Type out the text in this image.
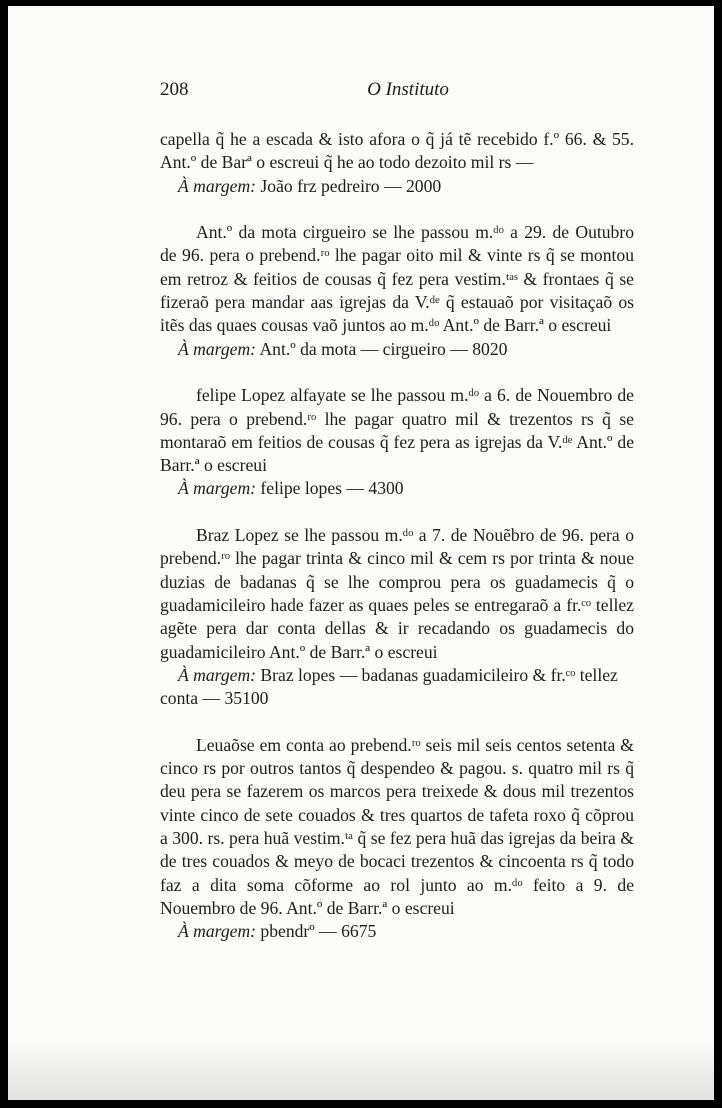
208	O Instituto

capella q̃ he a escada & isto afora o q̃ já tẽ recebido f.º 66. & 55. Ant.º de Barª o escreui q̃ he ao todo dezoito mil rs —

À margem: João frz pedreiro — 2000

Ant.º da mota cirgueiro se lhe passou m.ᵈᵒ a 29. de Outubro de 96. pera o prebend.ʳᵒ lhe pagar oito mil & vinte rs q̃ se montou em retroz & feitios de cousas q̃ fez pera vestim.ᵗᵃˢ & frontaes q̃ se fizeraõ pera mandar aas igrejas da V.ᵈᵉ q̃ estauaõ por visitaçaõ os itẽs das quaes cousas vaõ juntos ao m.ᵈᵒ Ant.º de Barr.ª o escreui

À margem: Ant.º da mota — cirgueiro — 8020

felipe Lopez alfayate se lhe passou m.ᵈᵒ a 6. de Nouembro de 96. pera o prebend.ʳᵒ lhe pagar quatro mil & trezentos rs q̃ se montaraõ em feitios de cousas q̃ fez pera as igrejas da V.ᵈᵉ Ant.º de Barr.ª o escreui

À margem: felipe lopes — 4300

Braz Lopez se lhe passou m.ᵈᵒ a 7. de Nouẽbro de 96. pera o prebend.ʳᵒ lhe pagar trinta & cinco mil & cem rs por trinta & noue duzias de badanas q̃ se lhe comprou pera os guadamecis q̃ o guadamicileiro hade fazer as quaes peles se entregaraõ a fr.ᶜᵒ tellez agẽte pera dar conta dellas & ir recadando os guadamecis do guadamicileiro Ant.º de Barr.ª o escreui

À margem: Braz lopes — badanas guadamicileiro & fr.ᶜᵒ tellez conta — 35100

Leuaõse em conta ao prebend.ʳᵒ seis mil seis centos setenta & cinco rs por outros tantos q̃ despendeo & pagou. s. quatro mil rs q̃ deu pera se fazerem os marcos pera treixede & dous mil trezentos vinte cinco de sete couados & tres quartos de tafeta roxo q̃ cõprou a 300. rs. pera huã vestim.ᵗᵃ q̃ se fez pera huã das igrejas da beira & de tres couados & meyo de bocaci trezentos & cincoenta rs q̃ todo faz a dita soma cõforme ao rol junto ao m.ᵈᵒ feito a 9. de Nouembro de 96. Ant.º de Barr.ª o escreui

À margem: pbendrº — 6675
